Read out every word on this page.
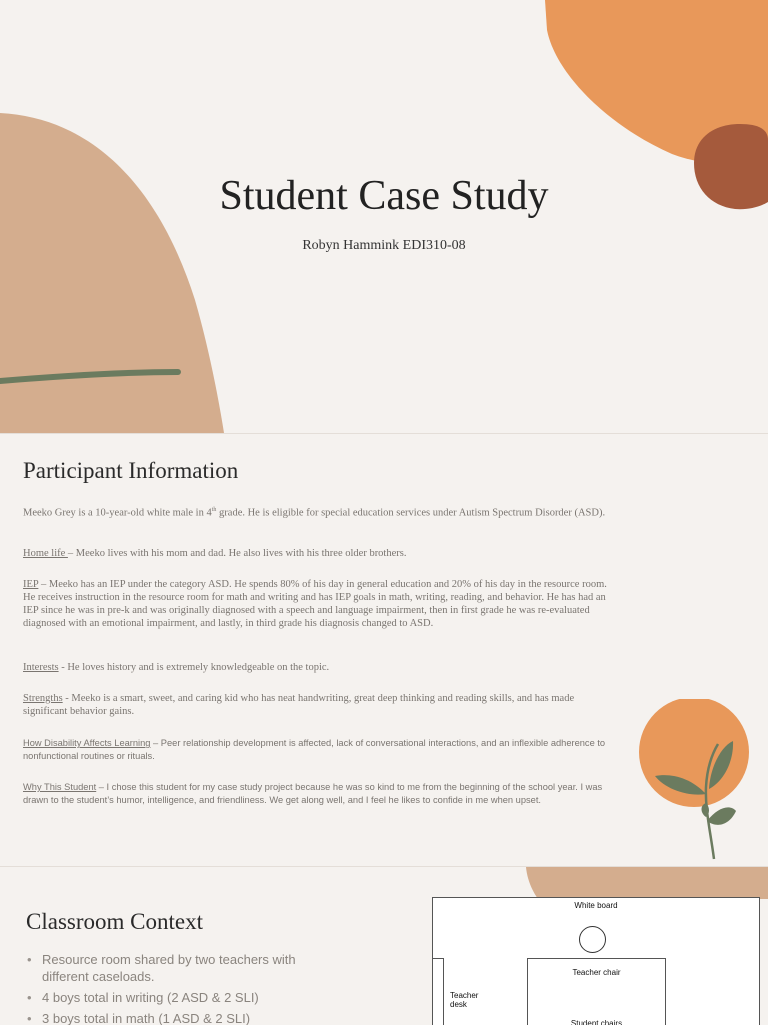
Student Case Study
Robyn Hammink EDI310-08
Participant Information
Meeko Grey is a 10-year-old white male in 4th grade. He is eligible for special education services under Autism Spectrum Disorder (ASD).
Home life – Meeko lives with his mom and dad. He also lives with his three older brothers.
IEP – Meeko has an IEP under the category ASD. He spends 80% of his day in general education and 20% of his day in the resource room. He receives instruction in the resource room for math and writing and has IEP goals in math, writing, reading, and behavior. He has had an IEP since he was in pre-k and was originally diagnosed with a speech and language impairment, then in first grade he was re-evaluated diagnosed with an emotional impairment, and lastly, in third grade his diagnosis changed to ASD.
Interests - He loves history and is extremely knowledgeable on the topic.
Strengths - Meeko is a smart, sweet, and caring kid who has neat handwriting, great deep thinking and reading skills, and has made significant behavior gains.
How Disability Affects Learning – Peer relationship development is affected, lack of conversational interactions, and an inflexible adherence to nonfunctional routines or rituals.
Why This Student – I chose this student for my case study project because he was so kind to me from the beginning of the school year. I was drawn to the student’s humor, intelligence, and friendliness. We get along well, and I feel he likes to confide in me when upset.
Classroom Context
• Resource room shared by two teachers with different caseloads.
• 4 boys total in writing (2 ASD & 2 SLI)
• 3 boys total in math (1 ASD & 2 SLI)
White board
Teacher desk
Teacher chair
Student chairs
